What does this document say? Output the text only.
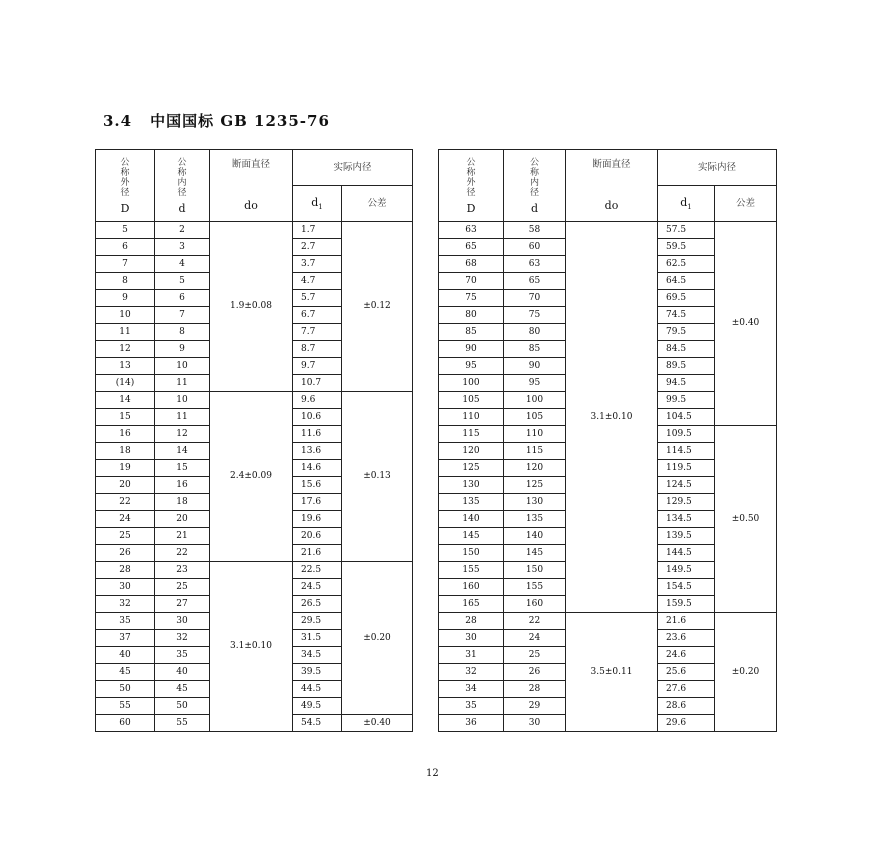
3.4 中国国标 GB 1235-76
公
称
外
径
D	公
称
内
径
d	断面直径
do	实际内径	
			$d_1$	公差
5	2	1.9±0.08	1.7	±0.12
6	3		2.7	
7	4		3.7	
8	5		4.7	
9	6		5.7	
10	7		6.7	
11	8		7.7	
12	9		8.7	
13	10		9.7	
(14)	11		10.7	
14	10	2.4±0.09	9.6	±0.13
15	11		10.6	
16	12		11.6	
18	14		13.6	
19	15		14.6	
20	16		15.6	
22	18		17.6	
24	20		19.6	
25	21		20.6	
26	22		21.6	
28	23	3.1±0.10	22.5	±0.20
30	25		24.5	
32	27		26.5	
35	30		29.5	
37	32		31.5	
40	35		34.5	
45	40		39.5	
50	45		44.5	
55	50		49.5	
60	55		54.5	±0.40
公
称
外
径
D	公
称
内
径
d	断面直径
do	实际内径	
			$d_1$	公差
63	58	3.1±0.10	57.5	±0.40
65	60		59.5	
68	63		62.5	
70	65		64.5	
75	70		69.5	
80	75		74.5	
85	80		79.5	
90	85		84.5	
95	90		89.5	
100	95		94.5	
105	100		99.5	
110	105		104.5	
115	110		109.5	±0.50
120	115		114.5	
125	120		119.5	
130	125		124.5	
135	130		129.5	
140	135		134.5	
145	140		139.5	
150	145		144.5	
155	150		149.5	
160	155		154.5	
165	160		159.5	
28	22	3.5±0.11	21.6	±0.20
30	24		23.6	
31	25		24.6	
32	26		25.6	
34	28		27.6	
35	29		28.6	
36	30		29.6	
12
